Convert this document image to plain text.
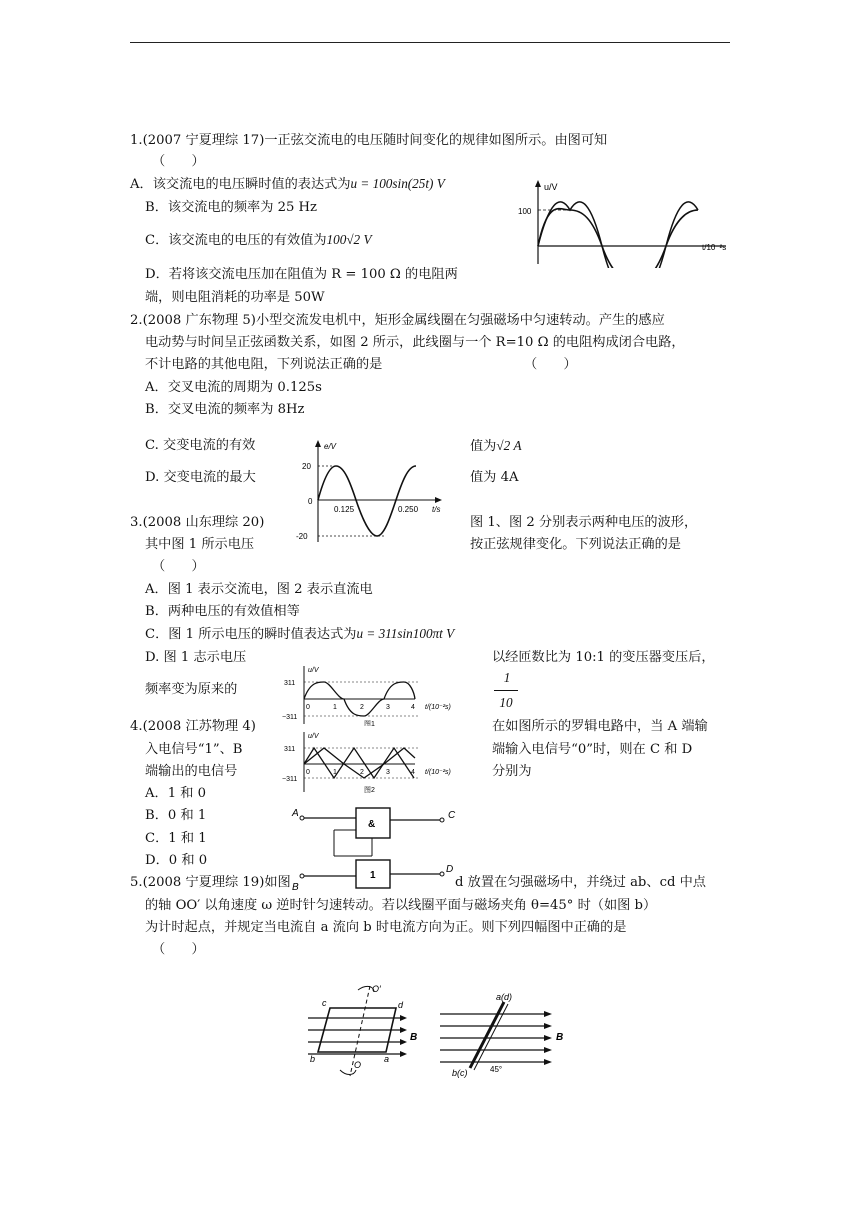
1.(2007 宁夏理综 17)一正弦交流电的电压随时间变化的规律如图所示。由图可知
（　　）
A．该交流电的电压瞬时值的表达式为u = 100sin(25t) V
B．该交流电的频率为 25 Hz
C．该交流电的电压的有效值为100√2 V
D．若将该交流电压加在阻值为 R = 100 Ω 的电阻两
端，则电阻消耗的功率是 50W
u/V
100
t/10⁻²s
2.(2008 广东物理 5)小型交流发电机中，矩形金属线圈在匀强磁场中匀速转动。产生的感应
电动势与时间呈正弦函数关系，如图 2 所示，此线圈与一个 R=10 Ω 的电阻构成闭合电路，
不计电路的其他电阻，下列说法正确的是	（　　）
A．交叉电流的周期为 0.125s
B．交叉电流的频率为 8Hz
C. 交变电流的有效	值为√2 A
D. 交变电流的最大	值为 4A
e/V
20
-20
0
0.125	0.250 t/s
3.(2008 山东理综 20)	图 1、图 2 分别表示两种电压的波形，
其中图 1 所示电压	按正弦规律变化。下列说法正确的是
（　　）
A．图 1 表示交流电，图 2 表示直流电
B．两种电压的有效值相等
C．图 1 所示电压的瞬时值表达式为u = 311sin100πt V
D. 图 1 志示电压	以经匝数比为 10:1 的变压器变压后，
频率变为原来的
1
10
u/V
311
−311
0	1	2	3	4 t/(10⁻²s)
图1
u/V
311
−311
0	1	2	3	4 t/(10⁻²s)
图2
4.(2008 江苏物理 4)	在如图所示的罗辑电路中，当 A 端输
入电信号“1”、B	端输入电信号“0”时，则在 C 和 D
端输出的电信号	分别为
A．1 和 0
B．0 和 1
C．1 和 1
D．0 和 0
&
1
A
B
C
D
5.(2008 宁夏理综 19)如图	d 放置在匀强磁场中，并绕过 ab、cd 中点
的轴 OO′ 以角速度 ω 逆时针匀速转动。若以线圈平面与磁场夹角 θ=45° 时（如图 b）
为计时起点，并规定当电流自 a 流向 b 时电流方向为正。则下列四幅图中正确的是
（　　）
c	d
B
b	a
O
O′
a(d)
B
b(c)	45°
